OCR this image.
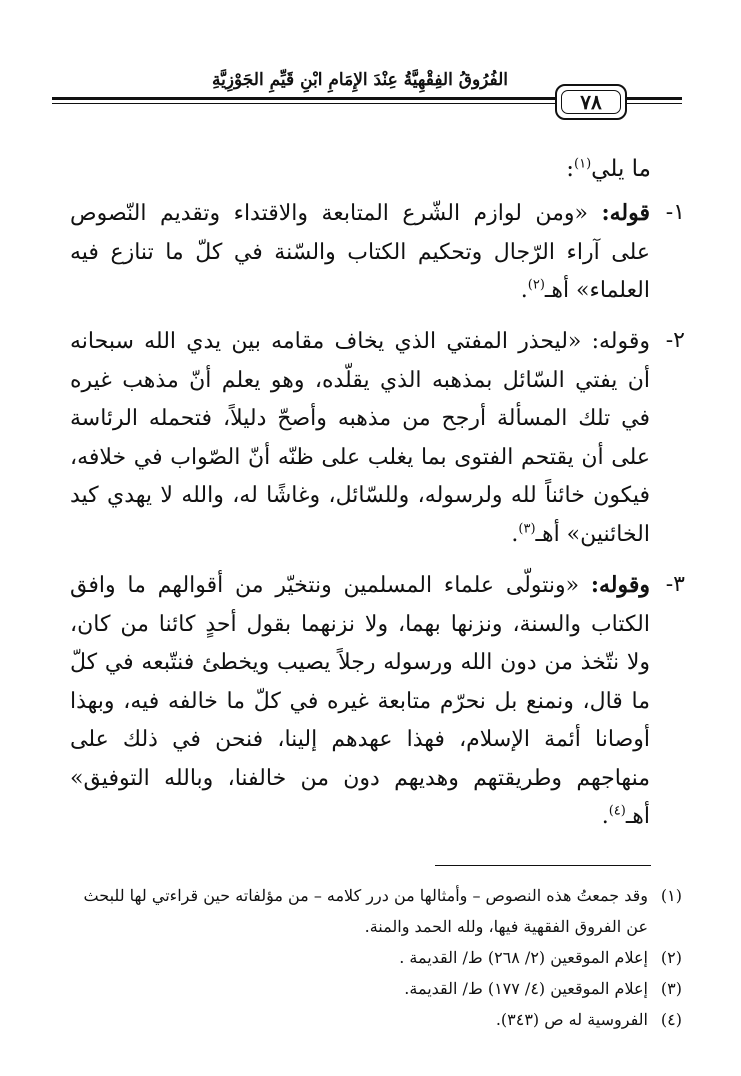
الفُرُوقُ الفِقْهِيَّةُ عِنْدَ الإِمَامِ ابْنِ قَيِّمِ الجَوْزِيَّةِ
٧٨
ما يلي$^{(١)}$:
١-
قوله: «ومن لوازم الشّرع المتابعة والاقتداء وتقديم النّصوص على آراء الرّجال وتحكيم الكتاب والسّنة في كلّ ما تنازع فيه العلماء» أهـ$^{(٢)}$.
٢-
وقوله: «ليحذر المفتي الذي يخاف مقامه بين يدي الله سبحانه أن يفتي السّائل بمذهبه الذي يقلّده، وهو يعلم أنّ مذهب غيره في تلك المسألة أرجح من مذهبه وأصحّ دليلاً، فتحمله الرئاسة على أن يقتحم الفتوى بما يغلب على ظنّه أنّ الصّواب في خلافه، فيكون خائناً لله ولرسوله، وللسّائل، وغاشًا له، والله لا يهدي كيد الخائنين» أهـ$^{(٣)}$.
٣-
وقوله: «ونتولّى علماء المسلمين ونتخيّر من أقوالهم ما وافق الكتاب والسنة، ونزنها بهما، ولا نزنهما بقول أحدٍ كائنا من كان، ولا نتّخذ من دون الله ورسوله رجلاً يصيب ويخطئ فنتّبعه في كلّ ما قال، ونمنع بل نحرّم متابعة غيره في كلّ ما خالفه فيه، وبهذا أوصانا أئمة الإسلام، فهذا عهدهم إلينا، فنحن في ذلك على منهاجهم وطريقتهم وهديهم دون من خالفنا، وبالله التوفيق» أهـ$^{(٤)}$.
(١)
وقد جمعتُ هذه النصوص – وأمثالها من درر كلامه – من مؤلفاته حين قراءتي لها للبحث عن الفروق الفقهية فيها، ولله الحمد والمنة.
(٢)
إعلام الموقعين (٢/ ٢٦٨) ط/ القديمة .
(٣)
إعلام الموقعين (٤/ ١٧٧) ط/ القديمة.
(٤)
الفروسية له ص (٣٤٣).
